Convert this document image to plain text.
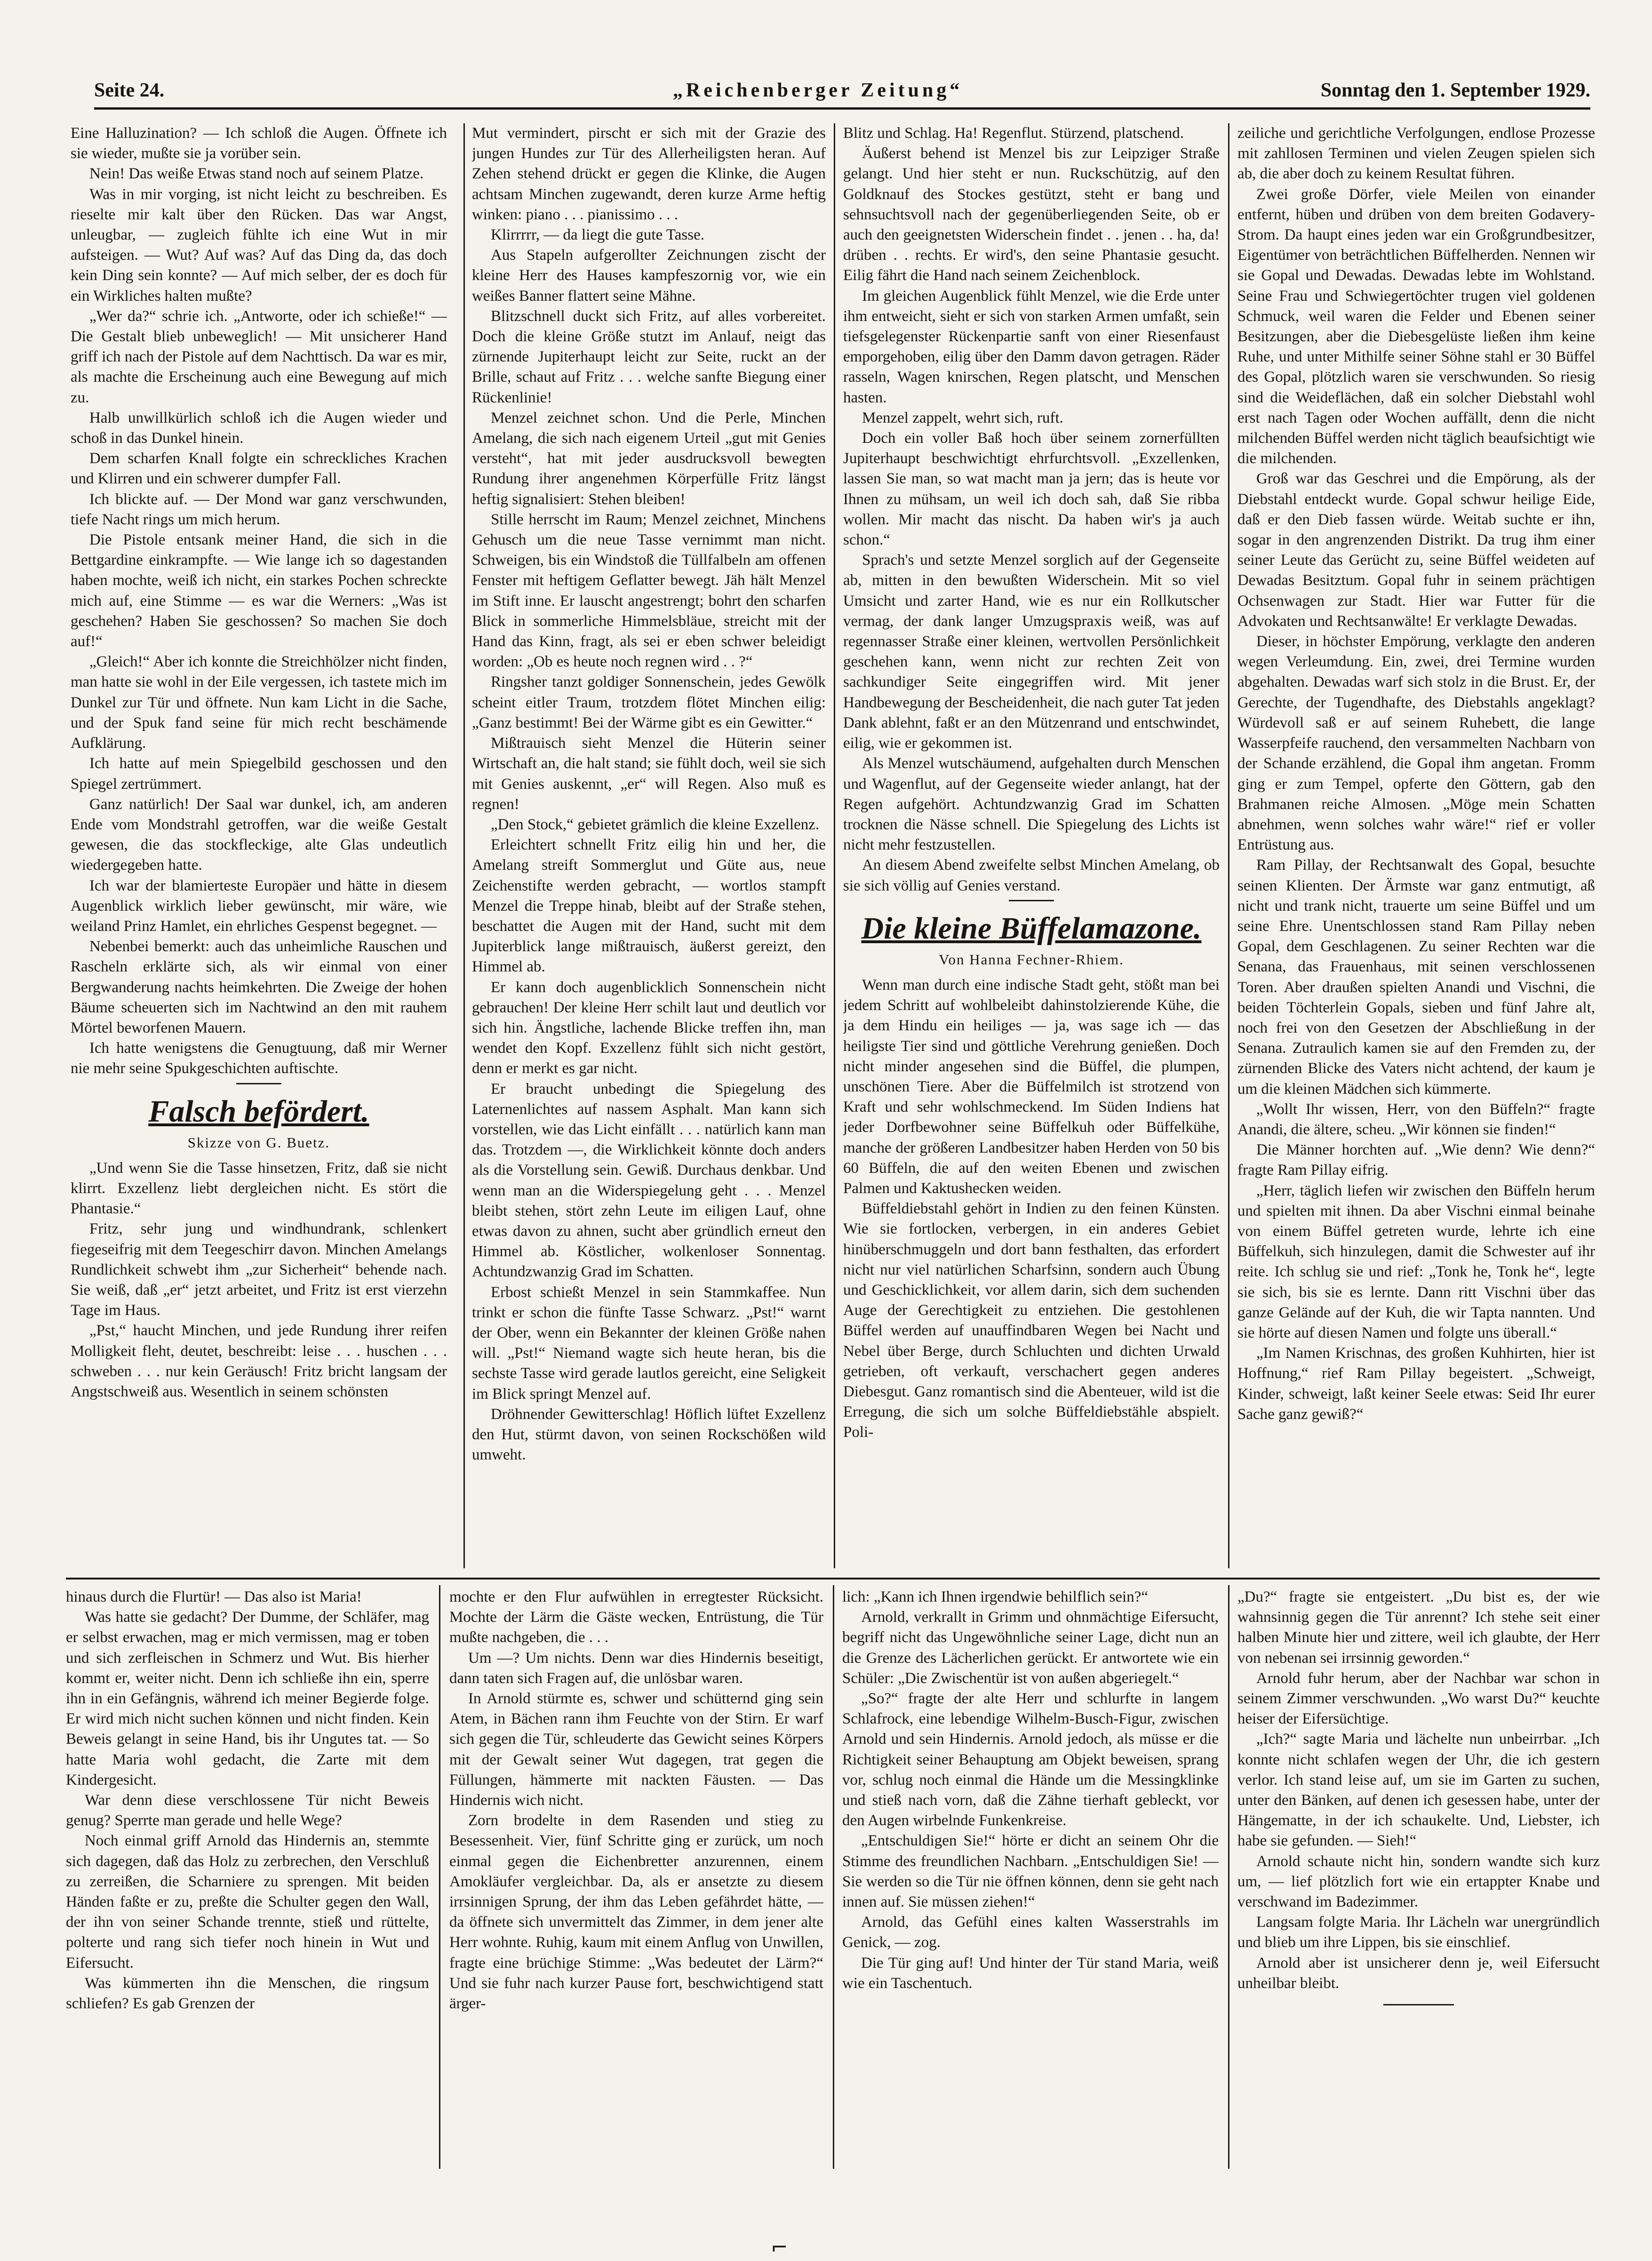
Seite 24.	„Reichenberger Zeitung“	Sonntag den 1. September 1929.

Eine Halluzination? — Ich schloß die Augen. Öffnete ich sie wieder, mußte sie ja vorüber sein.

Nein! Das weiße Etwas stand noch auf seinem Platze.

Was in mir vorging, ist nicht leicht zu beschreiben. Es rieselte mir kalt über den Rücken. Das war Angst, unleugbar, — zugleich fühlte ich eine Wut in mir aufsteigen. — Wut? Auf was? Auf das Ding da, das doch kein Ding sein konnte? — Auf mich selber, der es doch für ein Wirkliches halten mußte?

„Wer da?“ schrie ich. „Antworte, oder ich schieße!“ — Die Gestalt blieb unbeweglich! — Mit unsicherer Hand griff ich nach der Pistole auf dem Nachttisch. Da war es mir, als machte die Erscheinung auch eine Bewegung auf mich zu.

Halb unwillkürlich schloß ich die Augen wieder und schoß in das Dunkel hinein.

Dem scharfen Knall folgte ein schreckliches Krachen und Klirren und ein schwerer dumpfer Fall.

Ich blickte auf. — Der Mond war ganz verschwunden, tiefe Nacht rings um mich herum.

Die Pistole entsank meiner Hand, die sich in die Bettgardine einkrampfte. — Wie lange ich so dagestanden haben mochte, weiß ich nicht, ein starkes Pochen schreckte mich auf, eine Stimme — es war die Werners: „Was ist geschehen? Haben Sie geschossen? So machen Sie doch auf!“

„Gleich!“ Aber ich konnte die Streichhölzer nicht finden, man hatte sie wohl in der Eile vergessen, ich tastete mich im Dunkel zur Tür und öffnete. Nun kam Licht in die Sache, und der Spuk fand seine für mich recht beschämende Aufklärung.

Ich hatte auf mein Spiegelbild geschossen und den Spiegel zertrümmert.

Ganz natürlich! Der Saal war dunkel, ich, am anderen Ende vom Mondstrahl getroffen, war die weiße Gestalt gewesen, die das stockfleckige, alte Glas undeutlich wiedergegeben hatte.

Ich war der blamierteste Europäer und hätte in diesem Augenblick wirklich lieber gewünscht, mir wäre, wie weiland Prinz Hamlet, ein ehrliches Gespenst begegnet. —

Nebenbei bemerkt: auch das unheimliche Rauschen und Rascheln erklärte sich, als wir einmal von einer Bergwanderung nachts heimkehrten. Die Zweige der hohen Bäume scheuerten sich im Nachtwind an den mit rauhem Mörtel beworfenen Mauern.

Ich hatte wenigstens die Genugtuung, daß mir Werner nie mehr seine Spukgeschichten auftischte.

Falsch befördert.
Skizze von G. Buetz.

„Und wenn Sie die Tasse hinsetzen, Fritz, daß sie nicht klirrt. Exzellenz liebt dergleichen nicht. Es stört die Phantasie.“

Fritz, sehr jung und windhundrank, schlenkert fiegeseifrig mit dem Teegeschirr davon. Minchen Amelangs Rundlichkeit schwebt ihm „zur Sicherheit“ behende nach. Sie weiß, daß „er“ jetzt arbeitet, und Fritz ist erst vierzehn Tage im Haus.

„Pst,“ haucht Minchen, und jede Rundung ihrer reifen Molligkeit fleht, deutet, beschreibt: leise . . . huschen . . . schweben . . . nur kein Geräusch! Fritz bricht langsam der Angstschweiß aus. Wesentlich in seinem schönsten

Mut vermindert, pirscht er sich mit der Grazie des jungen Hundes zur Tür des Allerheiligsten heran. Auf Zehen stehend drückt er gegen die Klinke, die Augen achtsam Minchen zugewandt, deren kurze Arme heftig winken: piano . . . pianissimo . . .

Klirrrrr, — da liegt die gute Tasse.

Aus Stapeln aufgerollter Zeichnungen zischt der kleine Herr des Hauses kampfeszornig vor, wie ein weißes Banner flattert seine Mähne.

Blitzschnell duckt sich Fritz, auf alles vorbereitet. Doch die kleine Größe stutzt im Anlauf, neigt das zürnende Jupiterhaupt leicht zur Seite, ruckt an der Brille, schaut auf Fritz . . . welche sanfte Biegung einer Rückenlinie!

Menzel zeichnet schon. Und die Perle, Minchen Amelang, die sich nach eigenem Urteil „gut mit Genies versteht“, hat mit jeder ausdrucksvoll bewegten Rundung ihrer angenehmen Körperfülle Fritz längst heftig signalisiert: Stehen bleiben!

Stille herrscht im Raum; Menzel zeichnet, Minchens Gehusch um die neue Tasse vernimmt man nicht. Schweigen, bis ein Windstoß die Tüllfalbeln am offenen Fenster mit heftigem Geflatter bewegt. Jäh hält Menzel im Stift inne. Er lauscht angestrengt; bohrt den scharfen Blick in sommerliche Himmelsbläue, streicht mit der Hand das Kinn, fragt, als sei er eben schwer beleidigt worden: „Ob es heute noch regnen wird . . ?“

Ringsher tanzt goldiger Sonnenschein, jedes Gewölk scheint eitler Traum, trotzdem flötet Minchen eilig: „Ganz bestimmt! Bei der Wärme gibt es ein Gewitter.“

Mißtrauisch sieht Menzel die Hüterin seiner Wirtschaft an, die halt stand; sie fühlt doch, weil sie sich mit Genies auskennt, „er“ will Regen. Also muß es regnen!

„Den Stock,“ gebietet grämlich die kleine Exzellenz.

Erleichtert schnellt Fritz eilig hin und her, die Amelang streift Sommerglut und Güte aus, neue Zeichenstifte werden gebracht, — wortlos stampft Menzel die Treppe hinab, bleibt auf der Straße stehen, beschattet die Augen mit der Hand, sucht mit dem Jupiterblick lange mißtrauisch, äußerst gereizt, den Himmel ab.

Er kann doch augenblicklich Sonnenschein nicht gebrauchen! Der kleine Herr schilt laut und deutlich vor sich hin. Ängstliche, lachende Blicke treffen ihn, man wendet den Kopf. Exzellenz fühlt sich nicht gestört, denn er merkt es gar nicht.

Er braucht unbedingt die Spiegelung des Laternenlichtes auf nassem Asphalt. Man kann sich vorstellen, wie das Licht einfällt . . . natürlich kann man das. Trotzdem —, die Wirklichkeit könnte doch anders als die Vorstellung sein. Gewiß. Durchaus denkbar. Und wenn man an die Widerspiegelung geht . . . Menzel bleibt stehen, stört zehn Leute im eiligen Lauf, ohne etwas davon zu ahnen, sucht aber gründlich erneut den Himmel ab. Köstlicher, wolkenloser Sonnentag. Achtundzwanzig Grad im Schatten.

Erbost schießt Menzel in sein Stammkaffee. Nun trinkt er schon die fünfte Tasse Schwarz. „Pst!“ warnt der Ober, wenn ein Bekannter der kleinen Größe nahen will. „Pst!“ Niemand wagte sich heute heran, bis die sechste Tasse wird gerade lautlos gereicht, eine Seligkeit im Blick springt Menzel auf.

Dröhnender Gewitterschlag! Höflich lüftet Exzellenz den Hut, stürmt davon, von seinen Rockschößen wild umweht.

Blitz und Schlag. Ha! Regenflut. Stürzend, platschend.

Äußerst behend ist Menzel bis zur Leipziger Straße gelangt. Und hier steht er nun. Ruckschützig, auf den Goldknauf des Stockes gestützt, steht er bang und sehnsuchtsvoll nach der gegenüberliegenden Seite, ob er auch den geeignetsten Widerschein findet . . jenen . . ha, da! drüben . . rechts. Er wird's, den seine Phantasie gesucht. Eilig fährt die Hand nach seinem Zeichenblock.

Im gleichen Augenblick fühlt Menzel, wie die Erde unter ihm entweicht, sieht er sich von starken Armen umfaßt, sein tiefsgelegenster Rückenpartie sanft von einer Riesenfaust emporgehoben, eilig über den Damm davon getragen. Räder rasseln, Wagen knirschen, Regen platscht, und Menschen hasten.

Menzel zappelt, wehrt sich, ruft.

Doch ein voller Baß hoch über seinem zornerfüllten Jupiterhaupt beschwichtigt ehrfurchtsvoll. „Exzellenken, lassen Sie man, so wat macht man ja jern; das is heute vor Ihnen zu mühsam, un weil ich doch sah, daß Sie ribba wollen. Mir macht das nischt. Da haben wir's ja auch schon.“

Sprach's und setzte Menzel sorglich auf der Gegenseite ab, mitten in den bewußten Widerschein. Mit so viel Umsicht und zarter Hand, wie es nur ein Rollkutscher vermag, der dank langer Umzugspraxis weiß, was auf regennasser Straße einer kleinen, wertvollen Persönlichkeit geschehen kann, wenn nicht zur rechten Zeit von sachkundiger Seite eingegriffen wird. Mit jener Handbewegung der Bescheidenheit, die nach guter Tat jeden Dank ablehnt, faßt er an den Mützenrand und entschwindet, eilig, wie er gekommen ist.

Als Menzel wutschäumend, aufgehalten durch Menschen und Wagenflut, auf der Gegenseite wieder anlangt, hat der Regen aufgehört. Achtundzwanzig Grad im Schatten trocknen die Nässe schnell. Die Spiegelung des Lichts ist nicht mehr festzustellen.

An diesem Abend zweifelte selbst Minchen Amelang, ob sie sich völlig auf Genies verstand.

Die kleine Büffelamazone.
Von Hanna Fechner-Rhiem.

Wenn man durch eine indische Stadt geht, stößt man bei jedem Schritt auf wohlbeleibt dahinstolzierende Kühe, die ja dem Hindu ein heiliges — ja, was sage ich — das heiligste Tier sind und göttliche Verehrung genießen. Doch nicht minder angesehen sind die Büffel, die plumpen, unschönen Tiere. Aber die Büffelmilch ist strotzend von Kraft und sehr wohlschmeckend. Im Süden Indiens hat jeder Dorfbewohner seine Büffelkuh oder Büffelkühe, manche der größeren Landbesitzer haben Herden von 50 bis 60 Büffeln, die auf den weiten Ebenen und zwischen Palmen und Kaktushecken weiden.

Büffeldiebstahl gehört in Indien zu den feinen Künsten. Wie sie fortlocken, verbergen, in ein anderes Gebiet hinüberschmuggeln und dort bann festhalten, das erfordert nicht nur viel natürlichen Scharfsinn, sondern auch Übung und Geschicklichkeit, vor allem darin, sich dem suchenden Auge der Gerechtigkeit zu entziehen. Die gestohlenen Büffel werden auf unauffindbaren Wegen bei Nacht und Nebel über Berge, durch Schluchten und dichten Urwald getrieben, oft verkauft, verschachert gegen anderes Diebesgut. Ganz romantisch sind die Abenteuer, wild ist die Erregung, die sich um solche Büffeldiebstähle abspielt. Poli-

zeiliche und gerichtliche Verfolgungen, endlose Prozesse mit zahllosen Terminen und vielen Zeugen spielen sich ab, die aber doch zu keinem Resultat führen.

Zwei große Dörfer, viele Meilen von einander entfernt, hüben und drüben von dem breiten Godavery-Strom. Da haupt eines jeden war ein Großgrundbesitzer, Eigentümer von beträchtlichen Büffelherden. Nennen wir sie Gopal und Dewadas. Dewadas lebte im Wohlstand. Seine Frau und Schwiegertöchter trugen viel goldenen Schmuck, weil waren die Felder und Ebenen seiner Besitzungen, aber die Diebesgelüste ließen ihm keine Ruhe, und unter Mithilfe seiner Söhne stahl er 30 Büffel des Gopal, plötzlich waren sie verschwunden. So riesig sind die Weideflächen, daß ein solcher Diebstahl wohl erst nach Tagen oder Wochen auffällt, denn die nicht milchenden Büffel werden nicht täglich beaufsichtigt wie die milchenden.

Groß war das Geschrei und die Empörung, als der Diebstahl entdeckt wurde. Gopal schwur heilige Eide, daß er den Dieb fassen würde. Weitab suchte er ihn, sogar in den angrenzenden Distrikt. Da trug ihm einer seiner Leute das Gerücht zu, seine Büffel weideten auf Dewadas Besitztum. Gopal fuhr in seinem prächtigen Ochsenwagen zur Stadt. Hier war Futter für die Advokaten und Rechtsanwälte! Er verklagte Dewadas.

Dieser, in höchster Empörung, verklagte den anderen wegen Verleumdung. Ein, zwei, drei Termine wurden abgehalten. Dewadas warf sich stolz in die Brust. Er, der Gerechte, der Tugendhafte, des Diebstahls angeklagt? Würdevoll saß er auf seinem Ruhebett, die lange Wasserpfeife rauchend, den versammelten Nachbarn von der Schande erzählend, die Gopal ihm angetan. Fromm ging er zum Tempel, opferte den Göttern, gab den Brahmanen reiche Almosen. „Möge mein Schatten abnehmen, wenn solches wahr wäre!“ rief er voller Entrüstung aus.

Ram Pillay, der Rechtsanwalt des Gopal, besuchte seinen Klienten. Der Ärmste war ganz entmutigt, aß nicht und trank nicht, trauerte um seine Büffel und um seine Ehre. Unentschlossen stand Ram Pillay neben Gopal, dem Geschlagenen. Zu seiner Rechten war die Senana, das Frauenhaus, mit seinen verschlossenen Toren. Aber draußen spielten Anandi und Vischni, die beiden Töchterlein Gopals, sieben und fünf Jahre alt, noch frei von den Gesetzen der Abschließung in der Senana. Zutraulich kamen sie auf den Fremden zu, der zürnenden Blicke des Vaters nicht achtend, der kaum je um die kleinen Mädchen sich kümmerte.

„Wollt Ihr wissen, Herr, von den Büffeln?“ fragte Anandi, die ältere, scheu. „Wir können sie finden!“

Die Männer horchten auf. „Wie denn? Wie denn?“ fragte Ram Pillay eifrig.

„Herr, täglich liefen wir zwischen den Büffeln herum und spielten mit ihnen. Da aber Vischni einmal beinahe von einem Büffel getreten wurde, lehrte ich eine Büffelkuh, sich hinzulegen, damit die Schwester auf ihr reite. Ich schlug sie und rief: „Tonk he, Tonk he“, legte sie sich, bis sie es lernte. Dann ritt Vischni über das ganze Gelände auf der Kuh, die wir Tapta nannten. Und sie hörte auf diesen Namen und folgte uns überall.“

„Im Namen Krischnas, des großen Kuhhirten, hier ist Hoffnung,“ rief Ram Pillay begeistert. „Schweigt, Kinder, schweigt, laßt keiner Seele etwas: Seid Ihr eurer Sache ganz gewiß?“

hinaus durch die Flurtür! — Das also ist Maria!

Was hatte sie gedacht? Der Dumme, der Schläfer, mag er selbst erwachen, mag er mich vermissen, mag er toben und sich zerfleischen in Schmerz und Wut. Bis hierher kommt er, weiter nicht. Denn ich schließe ihn ein, sperre ihn in ein Gefängnis, während ich meiner Begierde folge. Er wird mich nicht suchen können und nicht finden. Kein Beweis gelangt in seine Hand, bis ihr Ungutes tat. — So hatte Maria wohl gedacht, die Zarte mit dem Kindergesicht.

War denn diese verschlossene Tür nicht Beweis genug? Sperrte man gerade und helle Wege?

Noch einmal griff Arnold das Hindernis an, stemmte sich dagegen, daß das Holz zu zerbrechen, den Verschluß zu zerreißen, die Scharniere zu sprengen. Mit beiden Händen faßte er zu, preßte die Schulter gegen den Wall, der ihn von seiner Schande trennte, stieß und rüttelte, polterte und rang sich tiefer noch hinein in Wut und Eifersucht.

Was kümmerten ihn die Menschen, die ringsum schliefen? Es gab Grenzen der

mochte er den Flur aufwühlen in erregtester Rücksicht. Mochte der Lärm die Gäste wecken, Entrüstung, die Tür mußte nachgeben, die . . .

Um —? Um nichts. Denn war dies Hindernis beseitigt, dann taten sich Fragen auf, die unlösbar waren.

In Arnold stürmte es, schwer und schütternd ging sein Atem, in Bächen rann ihm Feuchte von der Stirn. Er warf sich gegen die Tür, schleuderte das Gewicht seines Körpers mit der Gewalt seiner Wut dagegen, trat gegen die Füllungen, hämmerte mit nackten Fäusten. — Das Hindernis wich nicht.

Zorn brodelte in dem Rasenden und stieg zu Besessenheit. Vier, fünf Schritte ging er zurück, um noch einmal gegen die Eichenbretter anzurennen, einem Amokläufer vergleichbar. Da, als er ansetzte zu diesem irrsinnigen Sprung, der ihm das Leben gefährdet hätte, — da öffnete sich unvermittelt das Zimmer, in dem jener alte Herr wohnte. Ruhig, kaum mit einem Anflug von Unwillen, fragte eine brüchige Stimme: „Was bedeutet der Lärm?“ Und sie fuhr nach kurzer Pause fort, beschwichtigend statt ärger-

lich: „Kann ich Ihnen irgendwie behilflich sein?“

Arnold, verkrallt in Grimm und ohnmächtige Eifersucht, begriff nicht das Ungewöhnliche seiner Lage, dicht nun an die Grenze des Lächerlichen gerückt. Er antwortete wie ein Schüler: „Die Zwischentür ist von außen abgeriegelt.“

„So?“ fragte der alte Herr und schlurfte in langem Schlafrock, eine lebendige Wilhelm-Busch-Figur, zwischen Arnold und sein Hindernis. Arnold jedoch, als müsse er die Richtigkeit seiner Behauptung am Objekt beweisen, sprang vor, schlug noch einmal die Hände um die Messingklinke und stieß nach vorn, daß die Zähne tierhaft gebleckt, vor den Augen wirbelnde Funkenkreise.

„Entschuldigen Sie!“ hörte er dicht an seinem Ohr die Stimme des freundlichen Nachbarn. „Entschuldigen Sie! — Sie werden so die Tür nie öffnen können, denn sie geht nach innen auf. Sie müssen ziehen!“

Arnold, das Gefühl eines kalten Wasserstrahls im Genick, — zog.

Die Tür ging auf! Und hinter der Tür stand Maria, weiß wie ein Taschentuch.

„Du?“ fragte sie entgeistert. „Du bist es, der wie wahnsinnig gegen die Tür anrennt? Ich stehe seit einer halben Minute hier und zittere, weil ich glaubte, der Herr von nebenan sei irrsinnig geworden.“

Arnold fuhr herum, aber der Nachbar war schon in seinem Zimmer verschwunden. „Wo warst Du?“ keuchte heiser der Eifersüchtige.

„Ich?“ sagte Maria und lächelte nun unbeirrbar. „Ich konnte nicht schlafen wegen der Uhr, die ich gestern verlor. Ich stand leise auf, um sie im Garten zu suchen, unter den Bänken, auf denen ich gesessen habe, unter der Hängematte, in der ich schaukelte. Und, Liebster, ich habe sie gefunden. — Sieh!“

Arnold schaute nicht hin, sondern wandte sich kurz um, — lief plötzlich fort wie ein ertappter Knabe und verschwand im Badezimmer.

Langsam folgte Maria. Ihr Lächeln war unergründlich und blieb um ihre Lippen, bis sie einschlief.

Arnold aber ist unsicherer denn je, weil Eifersucht unheilbar bleibt.

⌐
